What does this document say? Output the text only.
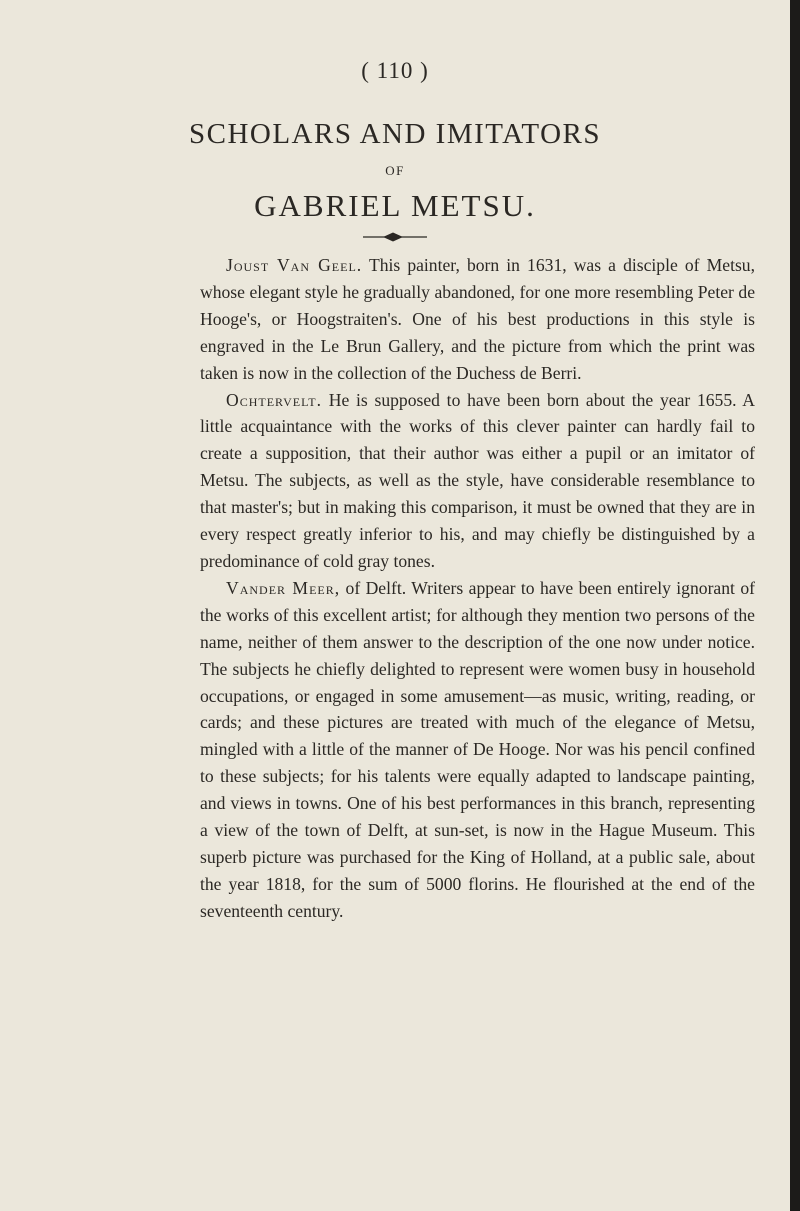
( 110 )
SCHOLARS AND IMITATORS
OF
GABRIEL METSU.

Joust Van Geel. This painter, born in 1631, was a disciple of Metsu, whose elegant style he gradually abandoned, for one more resembling Peter de Hooge's, or Hoogstraiten's. One of his best productions in this style is engraved in the Le Brun Gallery, and the picture from which the print was taken is now in the collection of the Duchess de Berri.

Ochtervelt. He is supposed to have been born about the year 1655. A little acquaintance with the works of this clever painter can hardly fail to create a supposition, that their author was either a pupil or an imitator of Metsu. The subjects, as well as the style, have considerable resemblance to that master's; but in making this comparison, it must be owned that they are in every respect greatly inferior to his, and may chiefly be distinguished by a predominance of cold gray tones.

Vander Meer, of Delft. Writers appear to have been entirely ignorant of the works of this excellent artist; for although they mention two persons of the name, neither of them answer to the description of the one now under notice. The subjects he chiefly delighted to represent were women busy in household occupations, or engaged in some amusement—as music, writing, reading, or cards; and these pictures are treated with much of the elegance of Metsu, mingled with a little of the manner of De Hooge. Nor was his pencil confined to these subjects; for his talents were equally adapted to landscape painting, and views in towns. One of his best performances in this branch, representing a view of the town of Delft, at sun-set, is now in the Hague Museum. This superb picture was purchased for the King of Holland, at a public sale, about the year 1818, for the sum of 5000 florins. He flourished at the end of the seventeenth century.
